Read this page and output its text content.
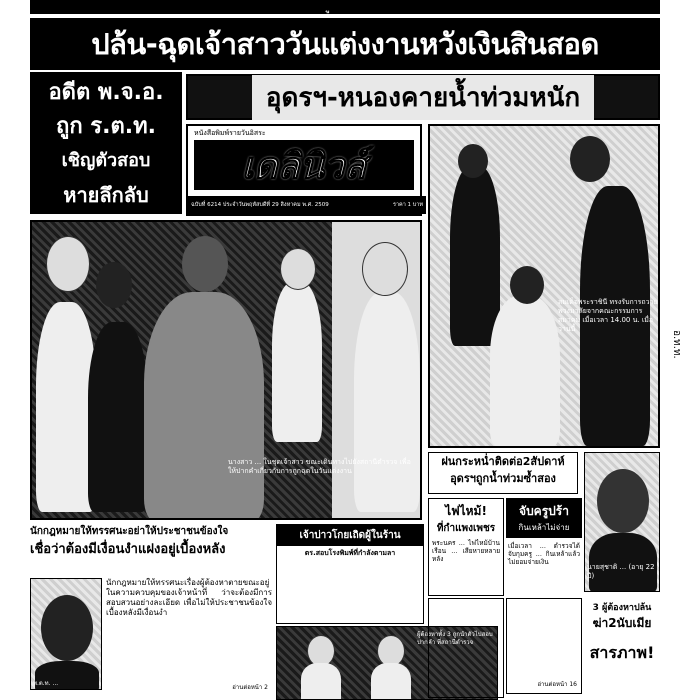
ปล้น-ฉุดเจ้าสาววันแต่งงานหวังเงินสินสอด
อดีต พ.จ.อ.
ถูก ร.ต.ท.
เชิญตัวสอบ
หายลึกลับ
อุดรฯ-หนองคายน้ำท่วมหนัก
หนังสือพิมพ์รายวันอิสระ
เดลินิวส์
ฉบับที่ 6214 ประจำวันพฤหัสบดีที่ 29 สิงหาคม พ.ศ. 2509	ราคา 1 บาท
สมเด็จพระราชินี ทรงรับการถวายพวงมาลัยจากคณะกรรมการสมาคม เมื่อเวลา 14.00 น. เมื่อวานนี้
อ.ท.ท.
นางสาว ... ในชุดเจ้าสาว ขณะเดินทางไปยังสถานีตำรวจ เพื่อให้ปากคำเกี่ยวกับการถูกฉุดในวันแต่งงาน
ฝนกระหน่ำติดต่อ2สัปดาห์
อุดรฯถูกน้ำท่วมซ้ำสอง
ไฟไหม้!
ที่กำแพงเพชร
พระนคร ... ไฟไหม้บ้านเรือน ... เสียหายหลายหลัง
จับครูปร้า
กินเหล้าไม่จ่าย
เมื่อเวลา ... ตำรวจได้จับกุมครู ... กินเหล้าแล้วไม่ยอมจ่ายเงิน
นายสุชาติ ... (อายุ 22 ปี)
3 ผู้ต้องหาปล้น
ฆ่า2นับเมีย
สารภาพ!
อ่านต่อหน้า 16
นักกฎหมายให้ทรรศนะอย่าให้ประชาชนข้องใจ
เชื่อว่าต้องมีเงื่อนงำแฝงอยู่เบื้องหลัง
พ.ต.ท. ...
นักกฎหมายให้ทรรศนะเรื่องผู้ต้องหาตายขณะอยู่ในความควบคุมของเจ้าหน้าที่ ว่าจะต้องมีการสอบสวนอย่างละเอียด เพื่อไม่ให้ประชาชนข้องใจ เบื้องหลังมีเงื่อนงำ
อ่านต่อหน้า 2
เจ้าบ่าวโกยเถิดผู้ในร้าน
ตร.สอบโรงพิมพ์ที่กำลังตามลา
ผู้ต้องหาทั้ง 3 ถูกนำตัวไปสอบปากคำ ที่สถานีตำรวจ
